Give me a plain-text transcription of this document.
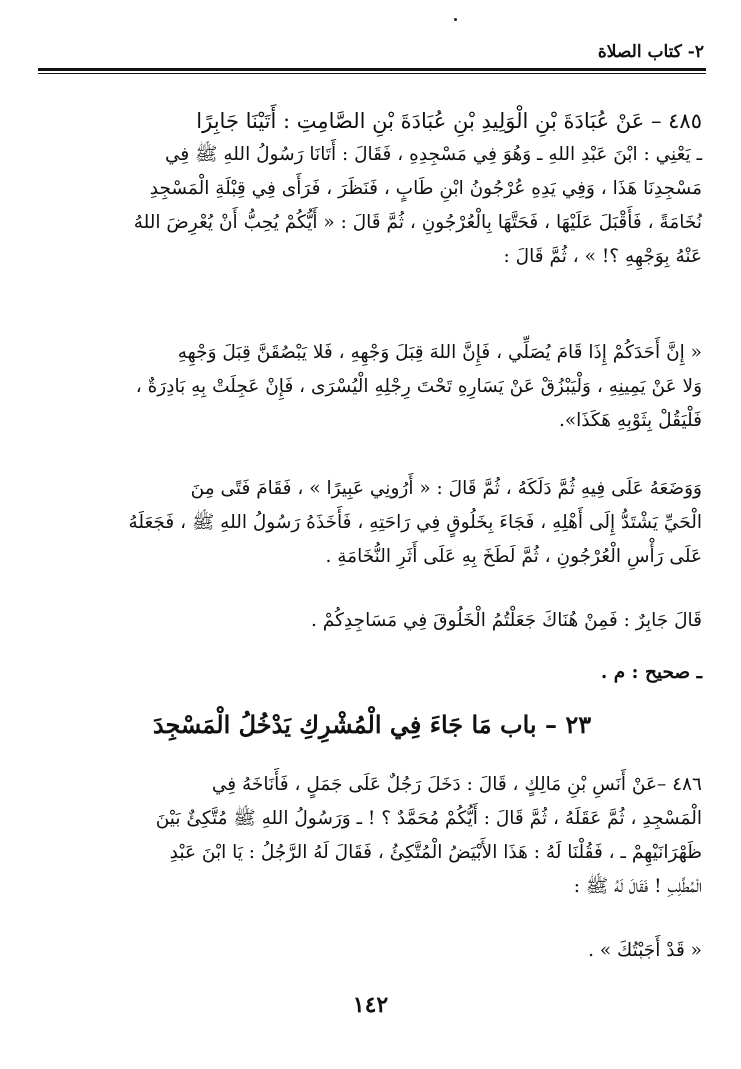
٢- كتاب الصلاة

٤٨٥ – عَنْ عُبَادَةَ بْنِ الْوَلِيدِ بْنِ عُبَادَةَ بْنِ الصَّامِتِ : أَتَيْنَا جَابِرًا

ـ يَعْنِي : ابْنَ عَبْدِ اللهِ ـ وَهُوَ فِي مَسْجِدِهِ ، فَقَالَ : أَتَانَا رَسُولُ اللهِ ﷺ فِي

مَسْجِدِنَا هَذَا ، وَفِي يَدِهِ عُرْجُونُ ابْنِ طَابٍ ، فَنَظَرَ ، فَرَأَى فِي قِبْلَةِ الْمَسْجِدِ

نُخَامَةً ، فَأَقْبَلَ عَلَيْهَا ، فَحَتَّهَا بِالْعُرْجُونِ ، ثُمَّ قَالَ : « أَيُّكُمْ يُحِبُّ أَنْ يُعْرِضَ اللهُ

عَنْهُ بِوَجْهِهِ ؟! » ، ثُمَّ قَالَ :

« إِنَّ أَحَدَكُمْ إِذَا قَامَ يُصَلِّي ، فَإِنَّ اللهَ قِبَلَ وَجْهِهِ ، فَلا يَبْصُقَنَّ قِبَلَ وَجْهِهِ

وَلا عَنْ يَمِينِهِ ، وَلْيَبْزُقْ عَنْ يَسَارِهِ تَحْتَ رِجْلِهِ الْيُسْرَى ، فَإِنْ عَجِلَتْ بِهِ بَادِرَةٌ ،

فَلْيَقُلْ بِثَوْبِهِ هَكَذَا».

وَوَضَعَهُ عَلَى فِيهِ ثُمَّ دَلَكَهُ ، ثُمَّ قَالَ : « أَرُونِي عَبِيرًا » ، فَقَامَ فَتًى مِنَ

الْحَيِّ يَشْتَدُّ إِلَى أَهْلِهِ ، فَجَاءَ بِخَلُوقٍ فِي رَاحَتِهِ ، فَأَخَذَهُ رَسُولُ اللهِ ﷺ ، فَجَعَلَهُ

عَلَى رَأْسِ الْعُرْجُونِ ، ثُمَّ لَطَخَ بِهِ عَلَى أَثَرِ النُّخَامَةِ .

قَالَ جَابِرٌ : فَمِنْ هُنَاكَ جَعَلْتُمُ الْخَلُوقَ فِي مَسَاجِدِكُمْ .

ـ صحيح : م .

٢٣ – باب مَا جَاءَ فِي الْمُشْرِكِ يَدْخُلُ الْمَسْجِدَ

٤٨٦ –عَنْ أَنَسِ بْنِ مَالِكٍ ، قَالَ : دَخَلَ رَجُلٌ عَلَى جَمَلٍ ، فَأَنَاخَهُ فِي

الْمَسْجِدِ ، ثُمَّ عَقَلَهُ ، ثُمَّ قَالَ : أَيُّكُمْ مُحَمَّدٌ ؟ ! ـ وَرَسُولُ اللهِ ﷺ مُتَّكِئٌ بَيْنَ

ظَهْرَانَيْهِمْ ـ ، فَقُلْنَا لَهُ : هَذَا الأَبْيَضُ الْمُتَّكِئُ ، فَقَالَ لَهُ الرَّجُلُ : يَا ابْنَ عَبْدِ

الْمُطَّلِبِ ! فَقَالَ لَهُ ﷺ :

« قَدْ أَجَبْتُكَ » .

١٤٢
